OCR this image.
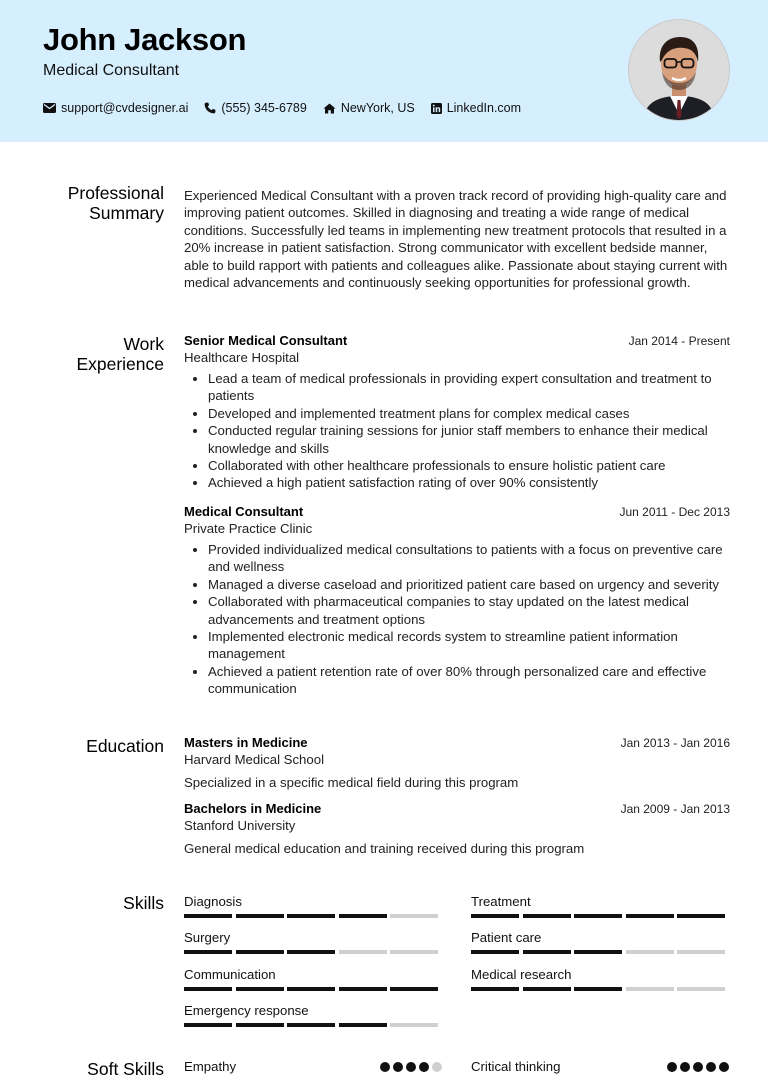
John Jackson
Medical Consultant
support@cvdesigner.ai	(555) 345-6789	NewYork, US	LinkedIn.com
Professional
Summary

Experienced Medical Consultant with a proven track record of providing high-quality care and improving patient outcomes. Skilled in diagnosing and treating a wide range of medical conditions. Successfully led teams in implementing new treatment protocols that resulted in a 20% increase in patient satisfaction. Strong communicator with excellent bedside manner, able to build rapport with patients and colleagues alike. Passionate about staying current with medical advancements and continuously seeking opportunities for professional growth.

Work
Experience
Senior Medical Consultant	Jan 2014 - Present
Healthcare Hospital
• Lead a team of medical professionals in providing expert consultation and treatment to patients
• Developed and implemented treatment plans for complex medical cases
• Conducted regular training sessions for junior staff members to enhance their medical knowledge and skills
• Collaborated with other healthcare professionals to ensure holistic patient care
• Achieved a high patient satisfaction rating of over 90% consistently
Medical Consultant	Jun 2011 - Dec 2013
Private Practice Clinic
• Provided individualized medical consultations to patients with a focus on preventive care and wellness
• Managed a diverse caseload and prioritized patient care based on urgency and severity
• Collaborated with pharmaceutical companies to stay updated on the latest medical advancements and treatment options
• Implemented electronic medical records system to streamline patient information management
• Achieved a patient retention rate of over 80% through personalized care and effective communication
Education Masters in Medicine	Jan 2013 - Jan 2016
Harvard Medical School
Specialized in a specific medical field during this program
Bachelors in Medicine	Jan 2009 - Jan 2013
Stanford University
General medical education and training received during this program
Skills Diagnosis	Treatment
Surgery	Patient care
Communication	Medical research
Emergency response
Soft Skills Empathy	Critical thinking
